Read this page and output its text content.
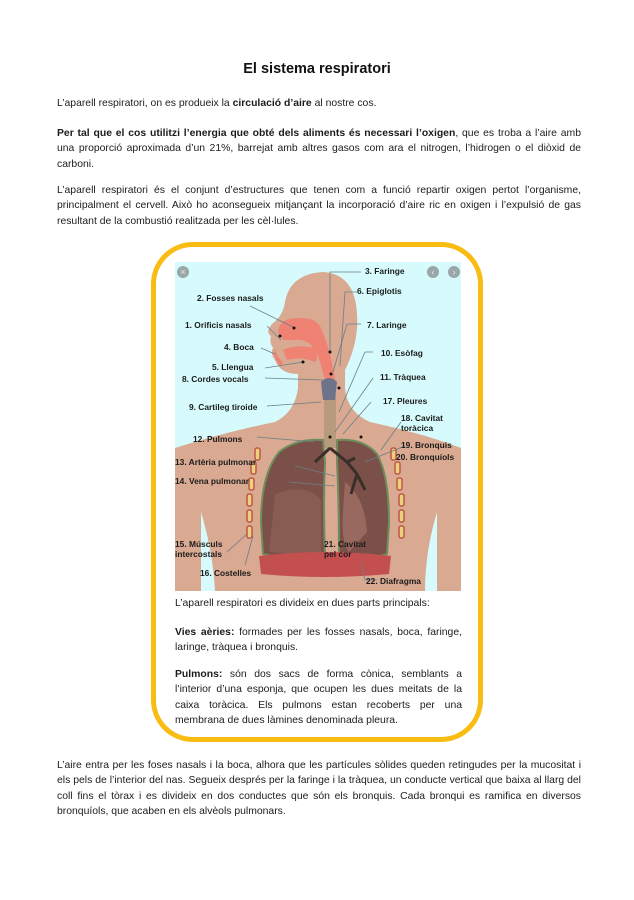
El sistema respiratori
L’aparell respiratori, on es produeix la circulació d’aire al nostre cos.
Per tal que el cos utilitzi l’energia que obté dels aliments és necessari l’oxigen, que es troba a l’aire amb una proporció aproximada d’un 21%, barrejat amb altres gasos com ara el nitrogen, l’hidrogen o el diòxid de carboni.
L’aparell respiratori és el conjunt d’estructures que tenen com a funció repartir oxigen pertot l’organisme, principalment el cervell. Això ho aconsegueix mitjançant la incorporació d’aire ric en oxigen i l’expulsió de gas resultant de la combustió realitzada per les cèl·lules.
×	‹	›
3. Faringe
2. Fosses nasals
6. Epiglotis
1. Orificis nasals	7. Laringe
4. Boca
10. Esòfag
5. Llengua
8. Cordes vocals	11. Tràquea
9. Cartileg tiroide
17. Pleures
18. Cavitat
toràcica
12. Pulmons
19. Bronquis
20. Bronquíols
13. Artèria pulmonar
14. Vena pulmonar
15. Músculs
intercostals
21. Cavitat
pel cor
16. Costelles
22. Diafragma
L’aparell respiratori es divideix en dues parts principals:
Vies aèries: formades per les fosses nasals, boca, faringe, laringe, tràquea i bronquis.
Pulmons: són dos sacs de forma cònica, semblants a l’interior d’una esponja, que ocupen les dues meitats de la caixa toràcica. Els pulmons estan recoberts per una membrana de dues làmines denominada pleura.
L’aire entra per les foses nasals i la boca, alhora que les partícules sòlides queden retingudes per la mucositat i els pels de l’interior del nas. Segueix després per la faringe i la tràquea, un conducte vertical que baixa al llarg del coll fins el tòrax i es divideix en dos conductes que són els bronquis. Cada bronqui es ramifica en diversos bronquíols, que acaben en els alvèols pulmonars.
